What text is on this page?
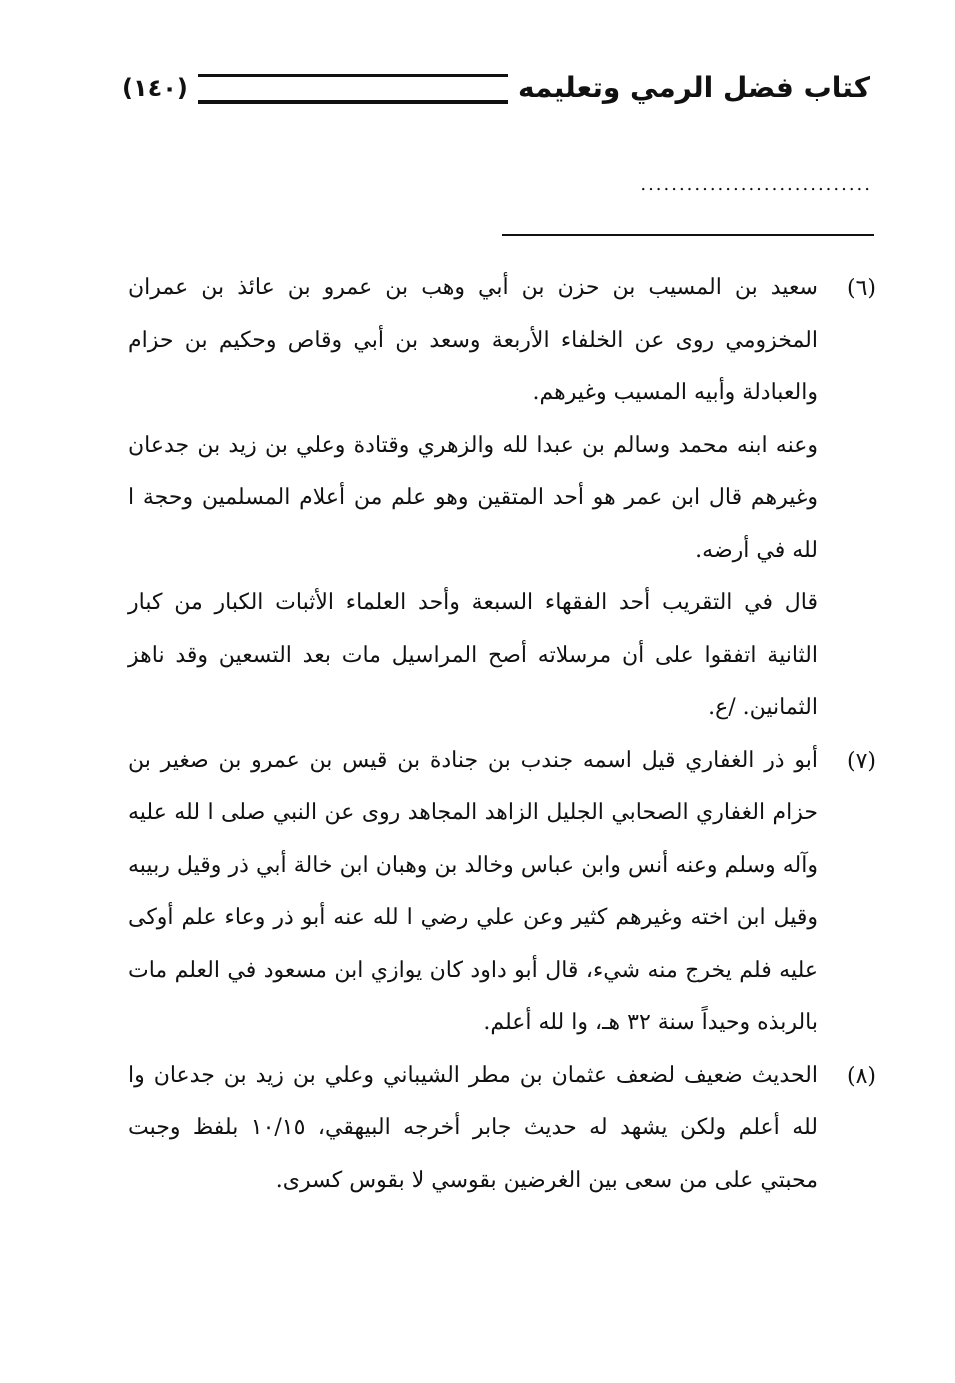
كتاب فضل الرمي وتعليمه
(١٤٠)
..............................
(٦)

سعيد بن المسيب بن حزن بن أبي وهب بن عمرو بن عائذ بن عمران المخزومي روى عن الخلفاء الأربعة وسعد بن أبي وقاص وحكيم بن حزام والعبادلة وأبيه المسيب وغيرهم.

وعنه ابنه محمد وسالم بن عبدا لله والزهري وقتادة وعلي بن زيد بن جدعان وغيرهم قال ابن عمر هو أحد المتقين وهو علم من أعلام المسلمين وحجة ا لله في أرضه.

قال في التقريب أحد الفقهاء السبعة وأحد العلماء الأثبات الكبار من كبار الثانية اتفقوا على أن مرسلاته أصح المراسيل مات بعد التسعين وقد ناهز الثمانين. /ع.

(٧)

أبو ذر الغفاري قيل اسمه جندب بن جنادة بن قيس بن عمرو بن صغير بن حزام الغفاري الصحابي الجليل الزاهد المجاهد روى عن النبي صلى ا لله عليه وآله وسلم وعنه أنس وابن عباس وخالد بن وهبان ابن خالة أبي ذر وقيل ربيبه وقيل ابن اخته وغيرهم كثير وعن علي رضي ا لله عنه أبو ذر وعاء علم أوكى عليه فلم يخرج منه شيء، قال أبو داود كان يوازي ابن مسعود في العلم مات بالربذه وحيداً سنة ٣٢ هـ، وا لله أعلم.

(٨)

الحديث ضعيف لضعف عثمان بن مطر الشيباني وعلي بن زيد بن جدعان وا لله أعلم ولكن يشهد له حديث جابر أخرجه البيهقي، ١٠/١٥ بلفظ وجبت محبتي على من سعى بين الغرضين بقوسي لا بقوس كسرى.
